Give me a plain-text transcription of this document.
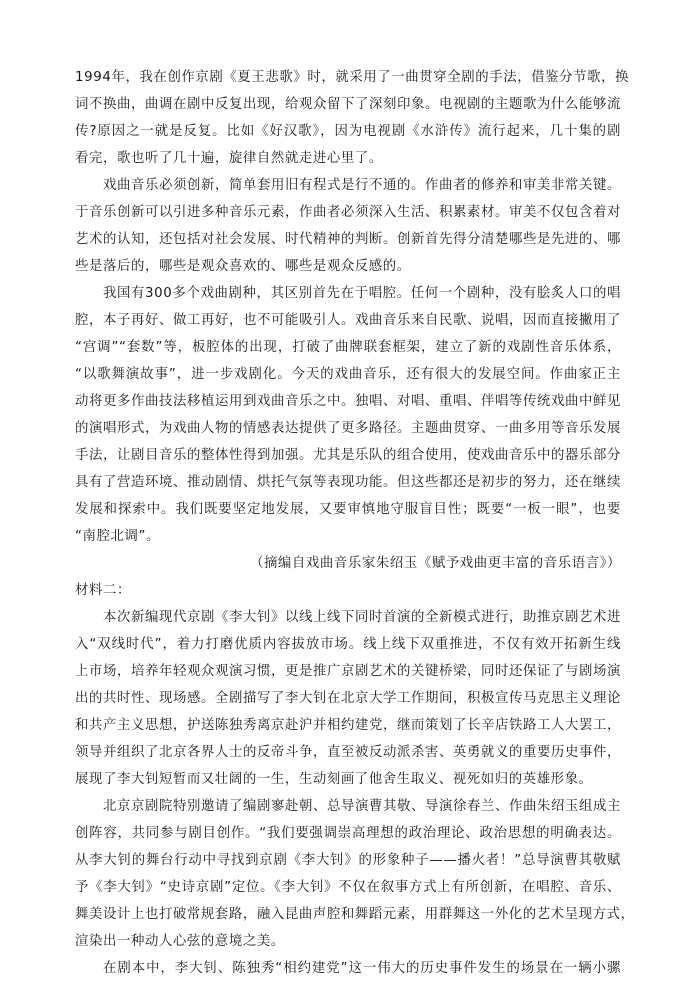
1994年，我在创作京剧《夏王悲歌》时，就采用了一曲贯穿全剧的手法，借鉴分节歌，换
词不换曲，曲调在剧中反复出现，给观众留下了深刻印象。电视剧的主题歌为什么能够流
传?原因之一就是反复。比如《好汉歌》，因为电视剧《水浒传》流行起来，几十集的剧
看完，歌也听了几十遍，旋律自然就走进心里了。
戏曲音乐必须创新，简单套用旧有程式是行不通的。作曲者的修养和审美非常关键。
于音乐创新可以引进多种音乐元素，作曲者必须深入生活、积累素材。审美不仅包含着对
艺术的认知，还包括对社会发展、时代精神的判断。创新首先得分清楚哪些是先进的、哪
些是落后的，哪些是观众喜欢的、哪些是观众反感的。
我国有300多个戏曲剧种，其区别首先在于唱腔。任何一个剧种，没有脍炙人口的唱
腔，本子再好、做工再好，也不可能吸引人。戏曲音乐来自民歌、说唱，因而直接撇用了
“宫调”“套数”等，板腔体的出现，打破了曲牌联套框架，建立了新的戏剧性音乐体系，
“以歌舞演故事”，进一步戏剧化。今天的戏曲音乐，还有很大的发展空间。作曲家正主
动将更多作曲技法移植运用到戏曲音乐之中。独唱、对唱、重唱、伴唱等传统戏曲中鲜见
的演唱形式，为戏曲人物的情感表达提供了更多路径。主题曲贯穿、一曲多用等音乐发展
手法，让剧目音乐的整体性得到加强。尤其是乐队的组合使用，使戏曲音乐中的器乐部分
具有了营造环境、推动剧情、烘托气氛等表现功能。但这些都还是初步的努力，还在继续
发展和探索中。我们既要坚定地发展，又要审慎地守服盲目性；既要“一板一眼”，也要
“南腔北调”。
（摘编自戏曲音乐家朱绍玉《赋予戏曲更丰富的音乐语言》）
材料二：
本次新编现代京剧《李大钊》以线上线下同时首演的全新模式进行，助推京剧艺术进
入“双线时代”，着力打磨优质内容拔放市场。线上线下双重推进，不仅有效开拓新生线
上市场，培养年轻观众观演习惯，更是推广京剧艺术的关键桥梁，同时还保证了与剧场演
出的共时性、现场感。全剧描写了李大钊在北京大学工作期间，积极宣传马克思主义理论
和共产主义思想，护送陈独秀离京赴沪并相约建党，继而策划了长辛店铁路工人大罢工，
领导并组织了北京各界人士的反帝斗争，直至被反动派杀害、英勇就义的重要历史事件，
展现了李大钊短暂而又壮阔的一生，生动刻画了他舍生取义、视死如归的英雄形象。
北京京剧院特别邀请了编剧寥赴朝、总导演曹其敬、导演徐春兰、作曲朱绍玉组成主
创阵容，共同参与剧目创作。“我们要强调崇高理想的政治理论、政治思想的明确表达。
从李大钊的舞台行动中寻找到京剧《李大钊》的形象种子——播火者！”总导演曹其敬赋
予《李大钊》“史诗京剧”定位。《李大钊》不仅在叙事方式上有所创新，在唱腔、音乐、
舞美设计上也打破常规套路，融入昆曲声腔和舞蹈元素，用群舞这一外化的艺术呈现方式，
渲染出一种动人心弦的意境之美。
在剧本中，李大钊、陈独秀“相约建党”这一伟大的历史事件发生的场景在一辆小骡
